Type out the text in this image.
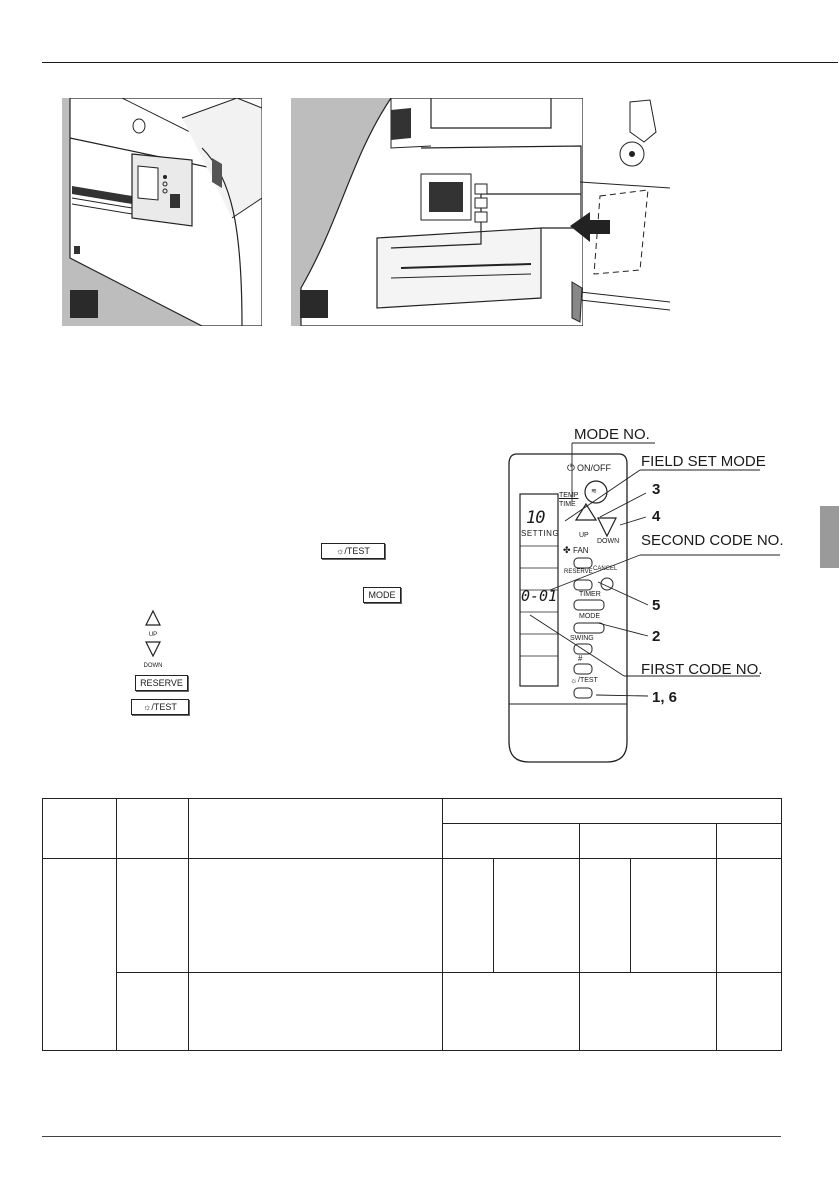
☼/TEST
MODE
UP
DOWN
RESERVE
☼/TEST
⏻ ON/OFF
≋
TEMP
TIME
10
SETTING	UP
DOWN
✤ FAN
RESERVE CANCEL
0-01	TIMER
MODE
SWING
#
☼ /TEST
MODE NO.
FIELD SET MODE
3
4
SECOND CODE NO.
5
2
FIRST CODE NO.
1, 6
